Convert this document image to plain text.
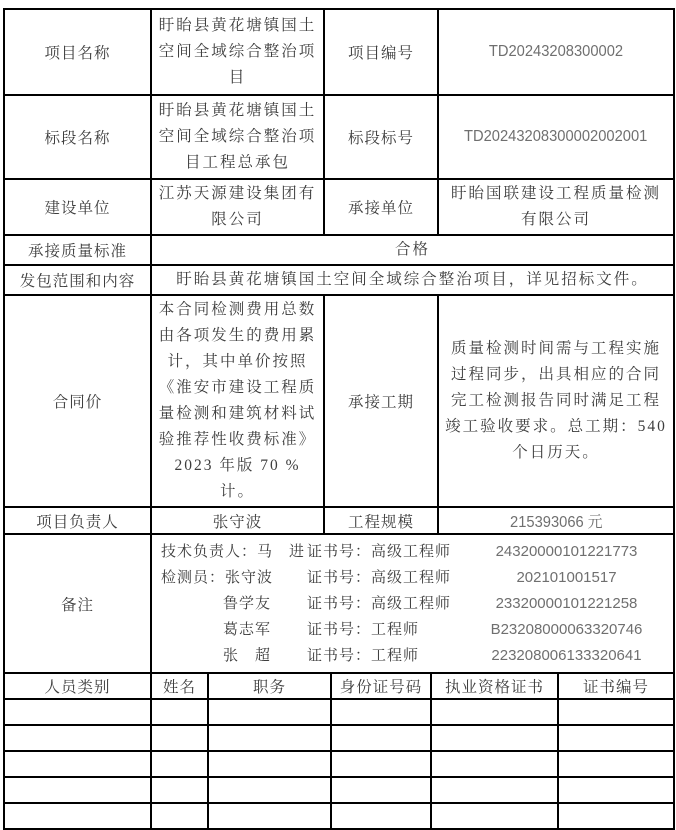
项目名称	盱眙县黄花塘镇国土空间全域综合整治项目	项目编号	TD20243208300002
标段名称	盱眙县黄花塘镇国土空间全域综合整治项目工程总承包	标段标号	TD20243208300002002001
建设单位	江苏天源建设集团有限公司	承接单位	盱眙国联建设工程质量检测有限公司
承接质量标准	合格		
发包范围和内容	盱眙县黄花塘镇国土空间全域综合整治项目，详见招标文件。		
合同价	本合同检测费用总数由各项发生的费用累计，其中单价按照《淮安市建设工程质量检测和建筑材料试验推荐性收费标准》2023 年版 70 %计。	承接工期	质量检测时间需与工程实施过程同步，出具相应的合同完工检测报告同时满足工程竣工验收要求。总工期：540 个日历天。
项目负责人	张守波	工程规模	215393066 元
备注	
技术负责人：马　进 证书号：高级工程师	24320000101221773
检测员：张守波	证书号：高级工程师	202101001517
鲁学友	证书号：高级工程师	23320000101221258
葛志军	证书号：工程师	B23208000063320746
张　超	证书号：工程师	223208006133320641
人员类别	姓名	职务	身份证号码	执业资格证书	证书编号
